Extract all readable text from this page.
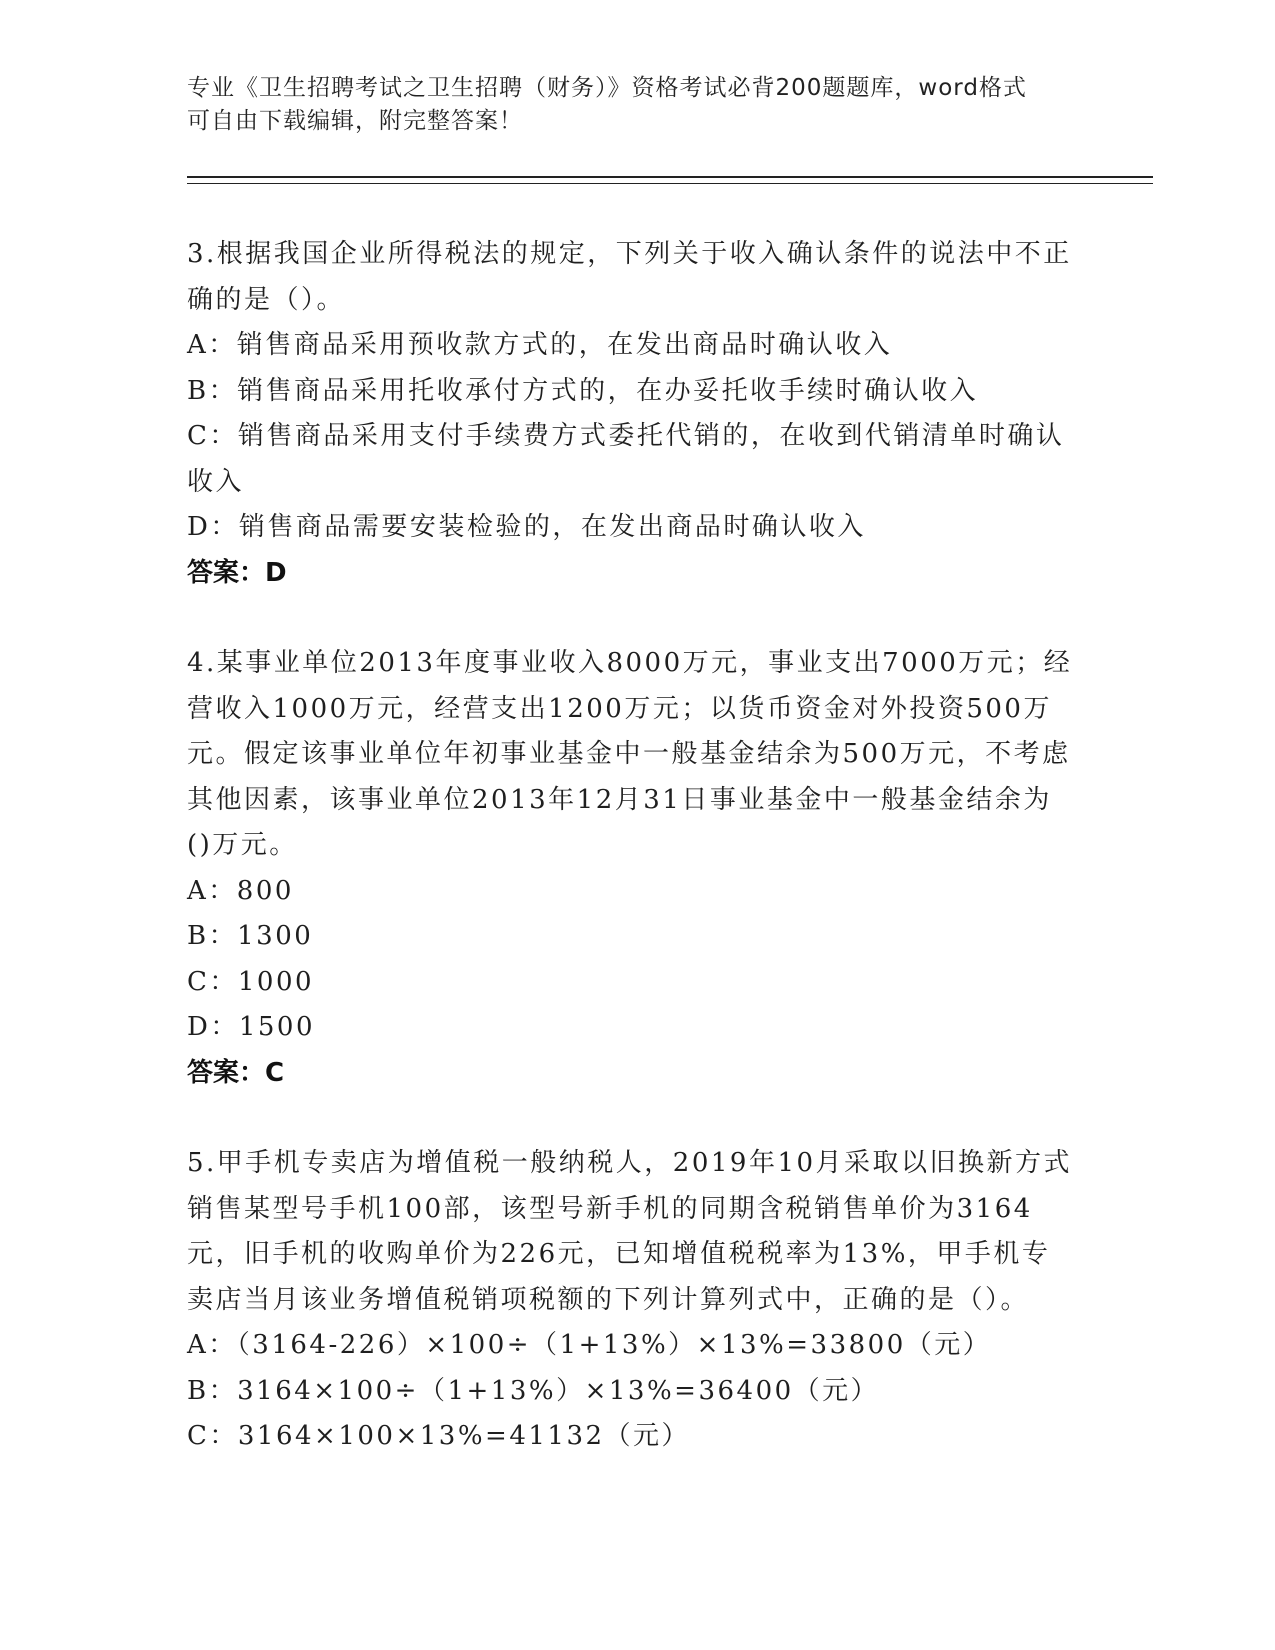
专业《卫生招聘考试之卫生招聘（财务）》资格考试必背200题题库，word格式
可自由下载编辑，附完整答案！

3.根据我国企业所得税法的规定，下列关于收入确认条件的说法中不正确的是（）。

A：销售商品采用预收款方式的，在发出商品时确认收入

B：销售商品采用托收承付方式的，在办妥托收手续时确认收入

C：销售商品采用支付手续费方式委托代销的，在收到代销清单时确认收入

D：销售商品需要安装检验的，在发出商品时确认收入

答案：D

4.某事业单位2013年度事业收入8000万元，事业支出7000万元；经营收入1000万元，经营支出1200万元；以货币资金对外投资500万元。假定该事业单位年初事业基金中一般基金结余为500万元，不考虑其他因素，该事业单位2013年12月31日事业基金中一般基金结余为()万元。

A：800

B：1300

C：1000

D：1500

答案：C

5.甲手机专卖店为增值税一般纳税人，2019年10月采取以旧换新方式销售某型号手机100部，该型号新手机的同期含税销售单价为3164元，旧手机的收购单价为226元，已知增值税税率为13%，甲手机专卖店当月该业务增值税销项税额的下列计算列式中，正确的是（）。

A：（3164-226）×100÷（1+13%）×13%=33800（元）

B：3164×100÷（1+13%）×13%=36400（元）

C：3164×100×13%=41132（元）
